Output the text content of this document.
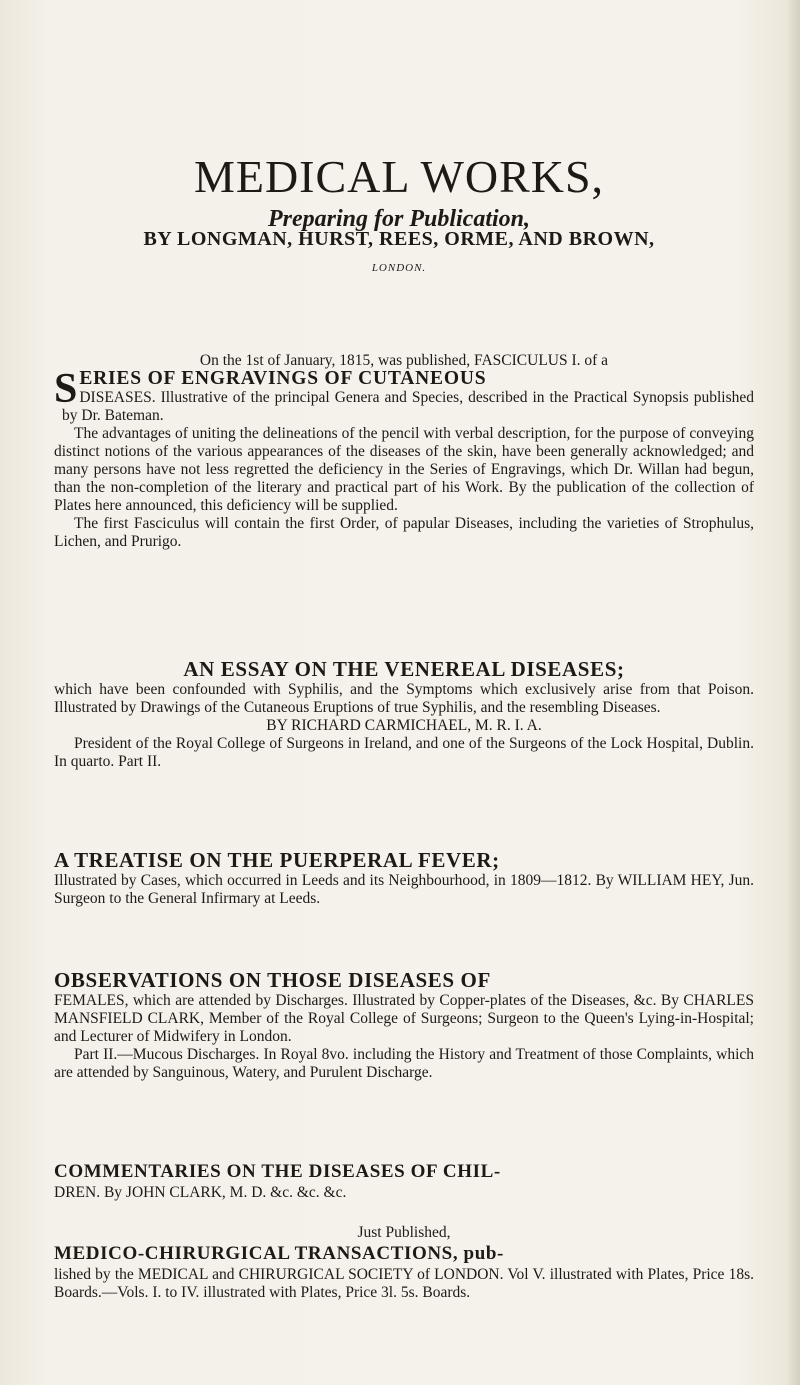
MEDICAL WORKS,
Preparing for Publication,
BY LONGMAN, HURST, REES, ORME, AND BROWN,
LONDON.

On the 1st of January, 1815, was published, FASCICULUS I. of a

S ERIES OF ENGRAVINGS OF CUTANEOUS

DISEASES. Illustrative of the principal Genera and Species, described in the Practical Synopsis published by Dr. Bateman.

The advantages of uniting the delineations of the pencil with verbal description, for the purpose of conveying distinct notions of the various appearances of the diseases of the skin, have been generally acknowledged; and many persons have not less regretted the deficiency in the Series of Engravings, which Dr. Willan had begun, than the non-completion of the literary and practical part of his Work. By the publication of the collection of Plates here announced, this deficiency will be supplied.

The first Fasciculus will contain the first Order, of papular Diseases, including the varieties of Strophulus, Lichen, and Prurigo.

AN ESSAY ON THE VENEREAL DISEASES;

which have been confounded with Syphilis, and the Symptoms which exclusively arise from that Poison. Illustrated by Drawings of the Cutaneous Eruptions of true Syphilis, and the resembling Diseases.

BY RICHARD CARMICHAEL, M. R. I. A.

President of the Royal College of Surgeons in Ireland, and one of the Surgeons of the Lock Hospital, Dublin. In quarto. Part II.

A TREATISE ON THE PUERPERAL FEVER;

Illustrated by Cases, which occurred in Leeds and its Neighbourhood, in 1809—1812. By WILLIAM HEY, Jun. Surgeon to the General Infirmary at Leeds.

OBSERVATIONS ON THOSE DISEASES OF

FEMALES, which are attended by Discharges. Illustrated by Copper-plates of the Diseases, &c. By CHARLES MANSFIELD CLARK, Member of the Royal College of Surgeons; Surgeon to the Queen's Lying-in-Hospital; and Lecturer of Midwifery in London.

Part II.—Mucous Discharges. In Royal 8vo. including the History and Treatment of those Complaints, which are attended by Sanguinous, Watery, and Purulent Discharge.

COMMENTARIES ON THE DISEASES OF CHIL-

DREN. By JOHN CLARK, M. D. &c. &c. &c.

Just Published,

MEDICO-CHIRURGICAL TRANSACTIONS, pub-

lished by the MEDICAL and CHIRURGICAL SOCIETY of LONDON. Vol V. illustrated with Plates, Price 18s. Boards.—Vols. I. to IV. illustrated with Plates, Price 3l. 5s. Boards.
